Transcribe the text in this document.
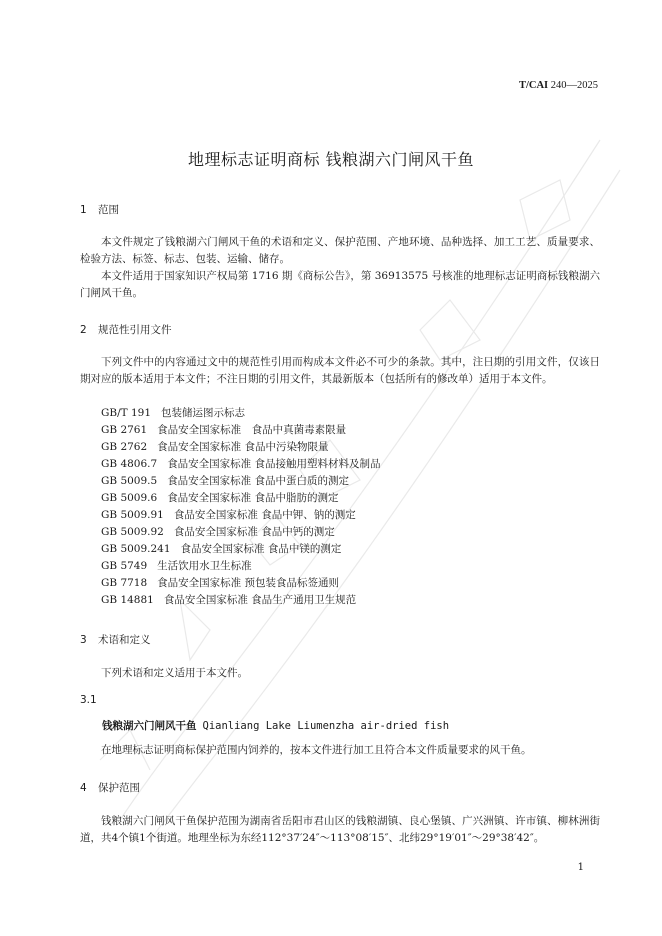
T/CAI 240—2025
地理标志证明商标 钱粮湖六门闸风干鱼
1 范围
本文件规定了钱粮湖六门闸风干鱼的术语和定义、保护范围、产地环境、品种选择、加工工艺、质量要求、检验方法、标签、标志、包装、运输、储存。
本文件适用于国家知识产权局第 1716 期《商标公告》，第 36913575 号核准的地理标志证明商标钱粮湖六门闸风干鱼。
2 规范性引用文件
下列文件中的内容通过文中的规范性引用而构成本文件必不可少的条款。其中，注日期的引用文件，仅该日期对应的版本适用于本文件；不注日期的引用文件，其最新版本（包括所有的修改单）适用于本文件。
GB/T 191 包装储运图示标志
GB 2761 食品安全国家标准　食品中真菌毒素限量
GB 2762 食品安全国家标准 食品中污染物限量
GB 4806.7 食品安全国家标准 食品接触用塑料材料及制品
GB 5009.5 食品安全国家标准 食品中蛋白质的测定
GB 5009.6 食品安全国家标准 食品中脂肪的测定
GB 5009.91 食品安全国家标准 食品中钾、钠的测定
GB 5009.92 食品安全国家标准 食品中钙的测定
GB 5009.241 食品安全国家标准 食品中镁的测定
GB 5749 生活饮用水卫生标准
GB 7718 食品安全国家标准 预包装食品标签通则
GB 14881 食品安全国家标准 食品生产通用卫生规范
3 术语和定义
下列术语和定义适用于本文件。
3.1
钱粮湖六门闸风干鱼 Qianliang Lake Liumenzha air-dried fish
在地理标志证明商标保护范围内饲养的，按本文件进行加工且符合本文件质量要求的风干鱼。
4 保护范围
钱粮湖六门闸风干鱼保护范围为湖南省岳阳市君山区的钱粮湖镇、良心堡镇、广兴洲镇、许市镇、柳林洲街道，共4个镇1个街道。地理坐标为东经112°37′24″～113°08′15″、北纬29°19′01″～29°38′42″。
1
